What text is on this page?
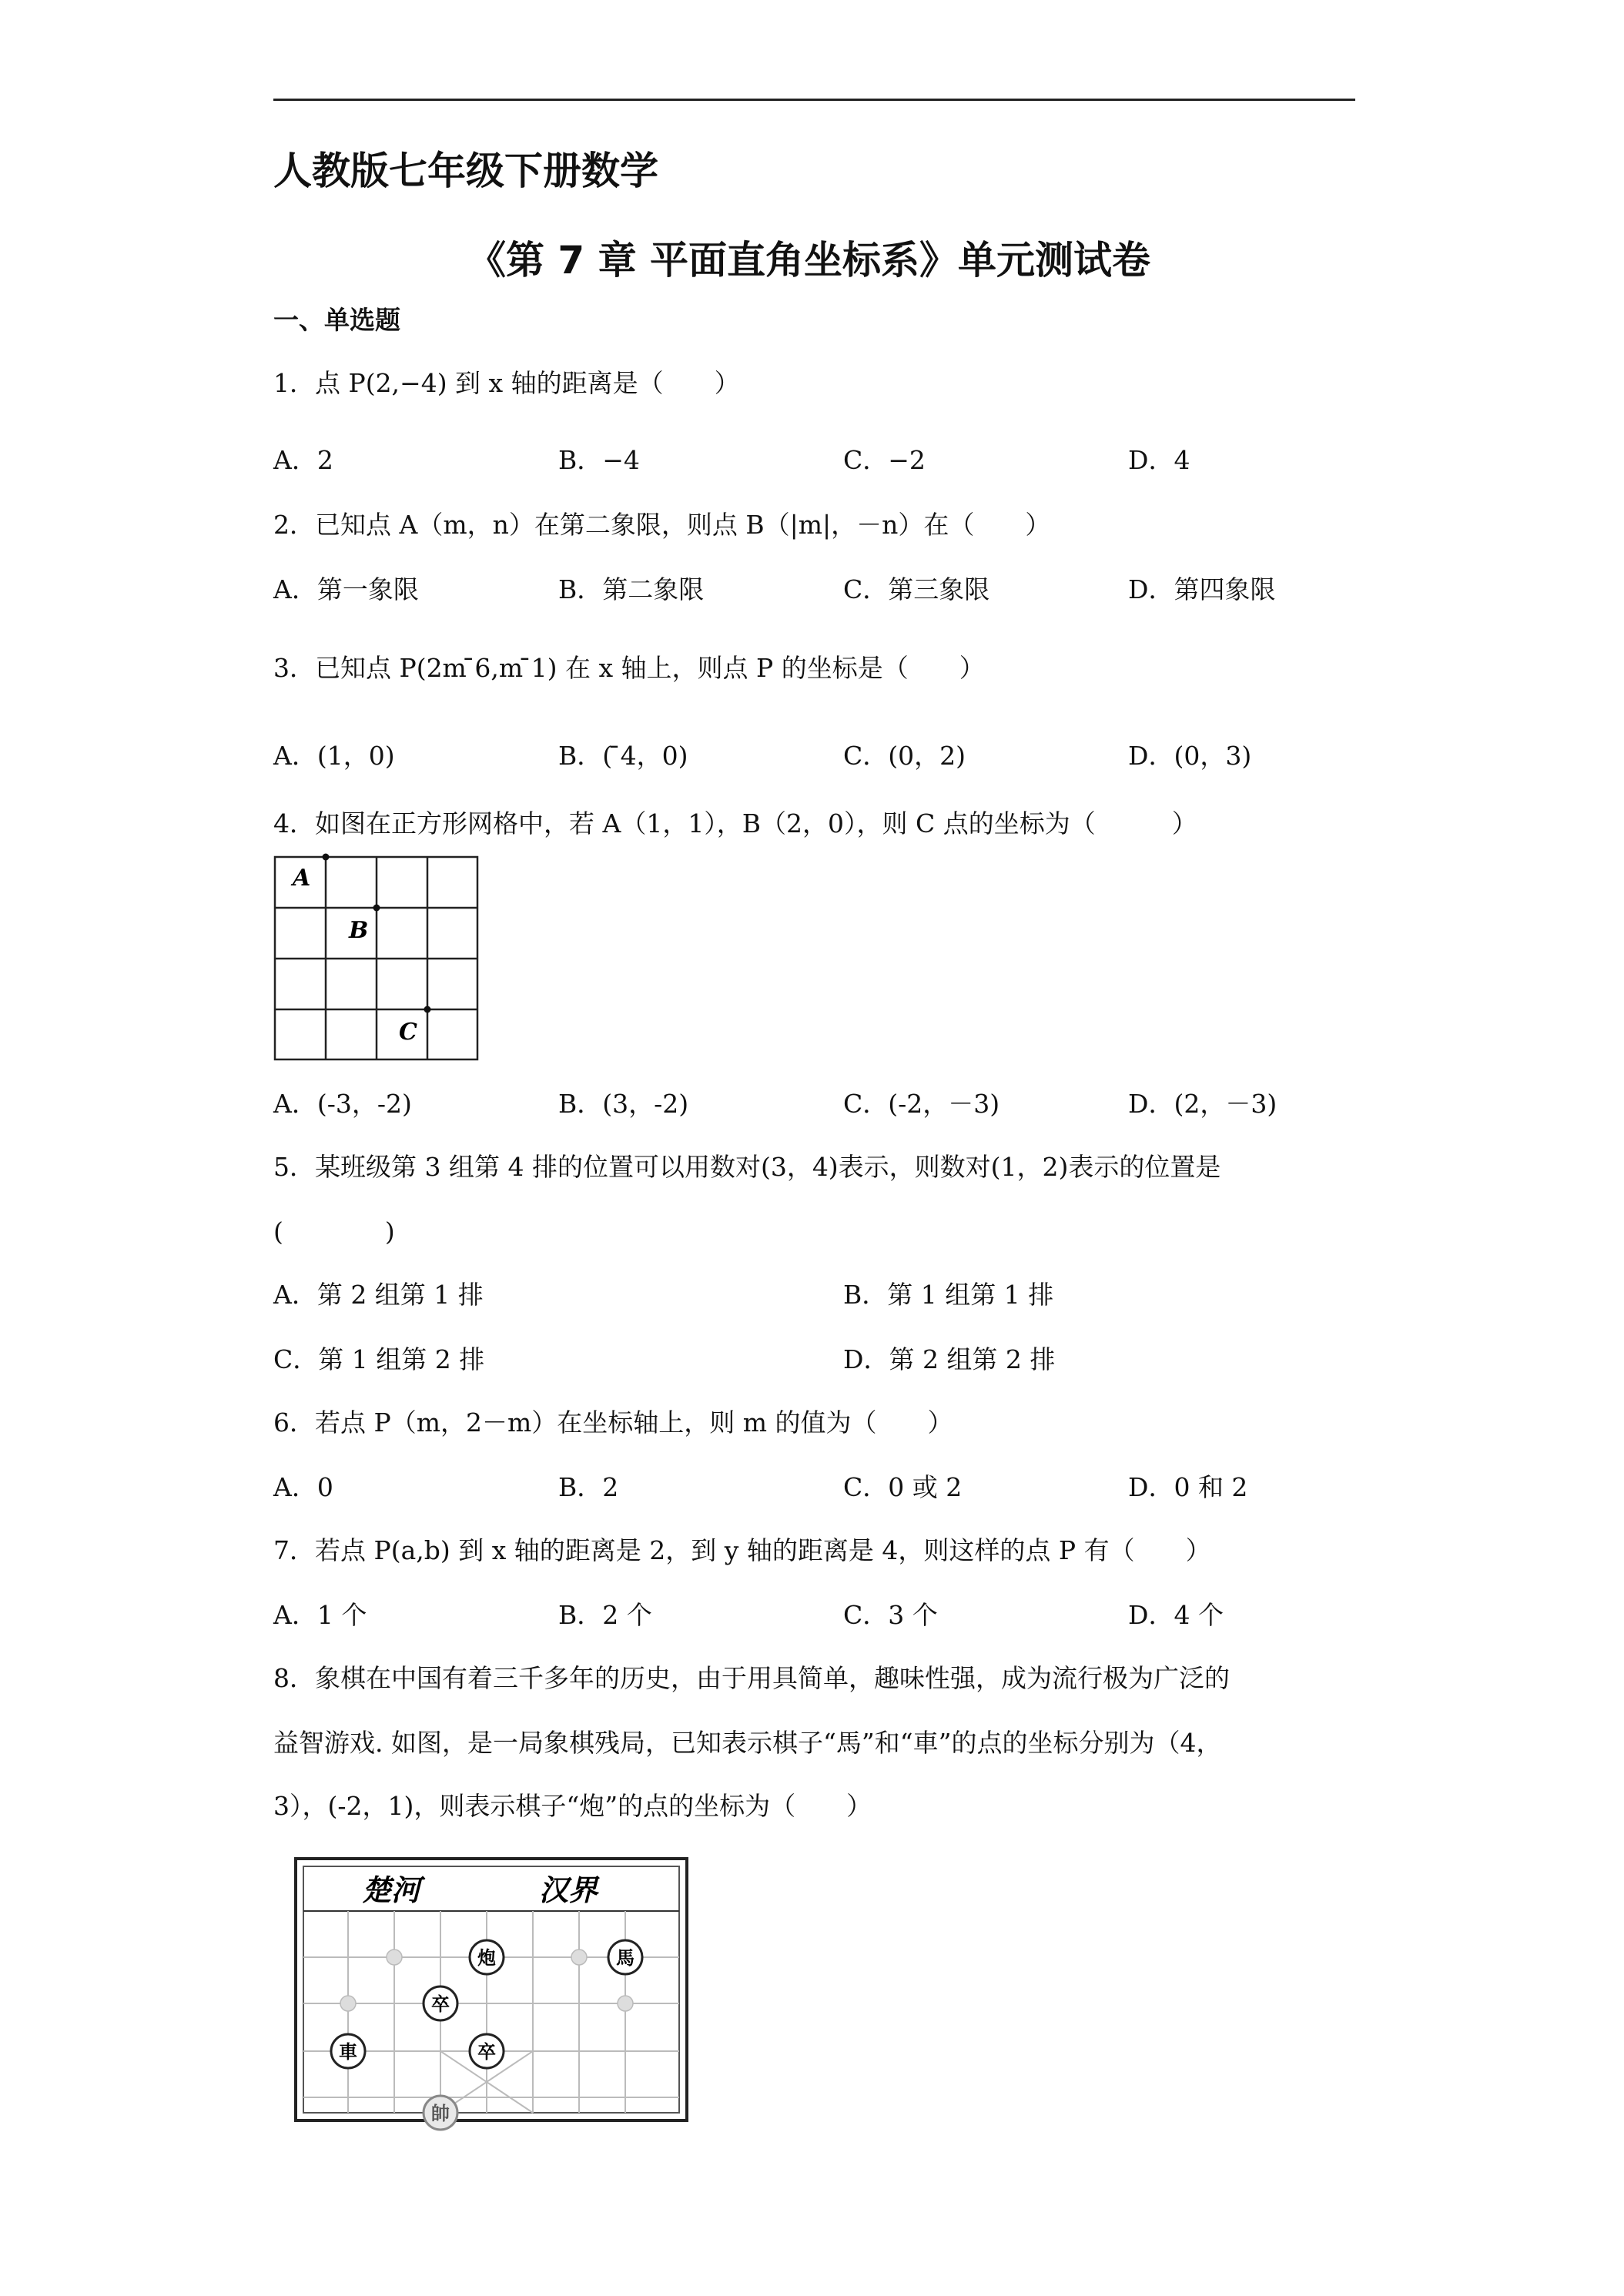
人教版七年级下册数学
《第 7 章 平面直角坐标系》单元测试卷
一、单选题
1．点 P(2,−4) 到 x 轴的距离是（　　）
A．2	B．−4	C．−2	D．4
2．已知点 A（m，n）在第二象限，则点 B（|m|，－n）在（　　）
A．第一象限	B．第二象限	C．第三象限	D．第四象限
3．已知点 P(2m ̄6,m ̄1) 在 x 轴上，则点 P 的坐标是（　　）
A．(1，0)	B．( ̄4，0)	C．(0，2)	D．(0，3)
4．如图在正方形网格中，若 A（1，1），B（2，0），则 C 点的坐标为（　　　）
A
B
C
A．(-3，-2)	B．(3，-2)	C．(-2，－3)	D．(2，－3)
5．某班级第 3 组第 4 排的位置可以用数对(3，4)表示，则数对(1，2)表示的位置是
(　　　　)
A．第 2 组第 1 排	B．第 1 组第 1 排
C．第 1 组第 2 排	D．第 2 组第 2 排
6．若点 P（m，2－m）在坐标轴上，则 m 的值为（　　）
A．0	B．2	C．0 或 2	D．0 和 2
7．若点 P(a,b) 到 x 轴的距离是 2，到 y 轴的距离是 4，则这样的点 P 有（　　）
A．1 个	B．2 个	C．3 个	D．4 个
8．象棋在中国有着三千多年的历史，由于用具简单，趣味性强，成为流行极为广泛的
益智游戏. 如图，是一局象棋残局，已知表示棋子“馬”和“車”的点的坐标分别为（4，
3），(-2，1)，则表示棋子“炮”的点的坐标为（　　）
楚河	汉界
炮	馬
卒
車	卒
帥
